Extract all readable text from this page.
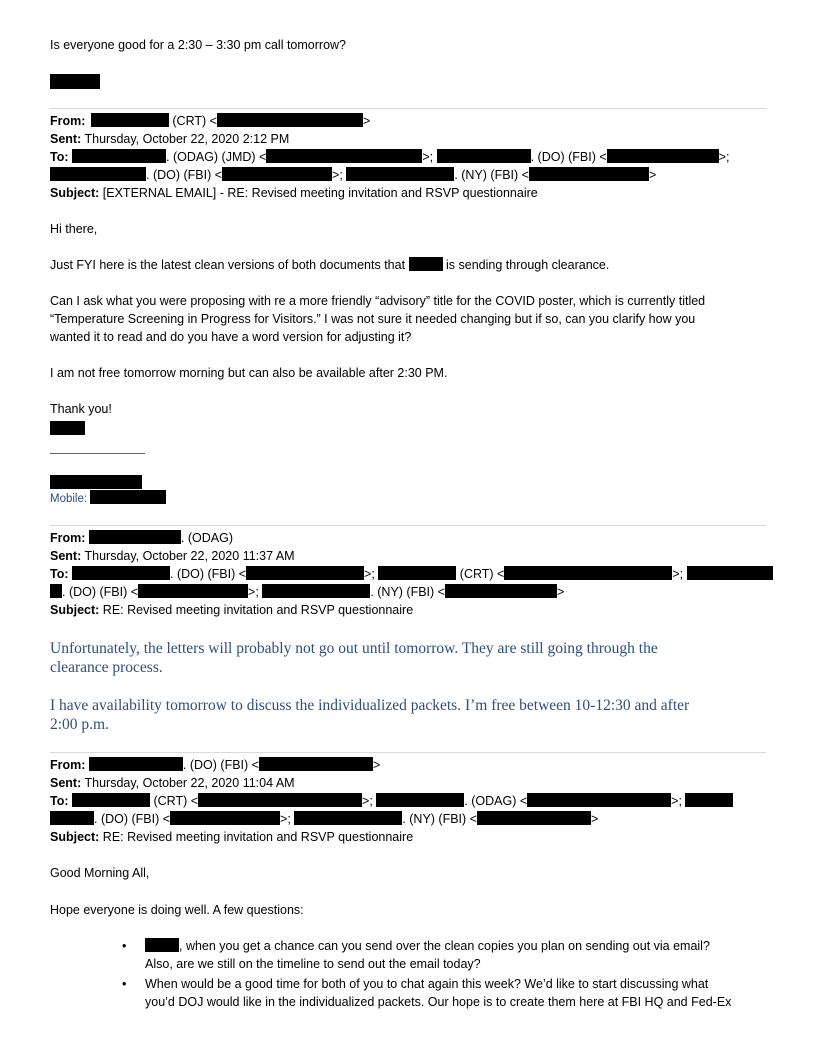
Is everyone good for a 2:30 – 3:30 pm call tomorrow?
From:	(CRT) <	>
Sent: Thursday, October 22, 2020 2:12 PM
To:	. (ODAG) (JMD) <	>;	. (DO) (FBI) <	>;
. (DO) (FBI) <	>;	. (NY) (FBI) <	>
Subject: [EXTERNAL EMAIL] - RE: Revised meeting invitation and RSVP questionnaire
Hi there,
Just FYI here is the latest clean versions of both documents that	is sending through clearance.
Can I ask what you were proposing with re a more friendly “advisory” title for the COVID poster, which is currently titled
“Temperature Screening in Progress for Visitors.” I was not sure it needed changing but if so, can you clarify how you
wanted it to read and do you have a word version for adjusting it?
I am not free tomorrow morning but can also be available after 2:30 PM.
Thank you!
Mobile:
From:	. (ODAG)
Sent: Thursday, October 22, 2020 11:37 AM
To:	. (DO) (FBI) <	>;	(CRT) <	>;
. (DO) (FBI) <	>;	. (NY) (FBI) <	>
Subject: RE: Revised meeting invitation and RSVP questionnaire
Unfortunately, the letters will probably not go out until tomorrow. They are still going through the
clearance process.
I have availability tomorrow to discuss the individualized packets. I’m free between 10-12:30 and after
2:00 p.m.
From:	. (DO) (FBI) <	>
Sent: Thursday, October 22, 2020 11:04 AM
To:	(CRT) <	>;	. (ODAG) <	>;
. (DO) (FBI) <	>;	. (NY) (FBI) <	>
Subject: RE: Revised meeting invitation and RSVP questionnaire
Good Morning All,
Hope everyone is doing well. A few questions:
•	, when you get a chance can you send over the clean copies you plan on sending out via email?
Also, are we still on the timeline to send out the email today?
• When would be a good time for both of you to chat again this week? We’d like to start discussing what
you’d DOJ would like in the individualized packets. Our hope is to create them here at FBI HQ and Fed-Ex
